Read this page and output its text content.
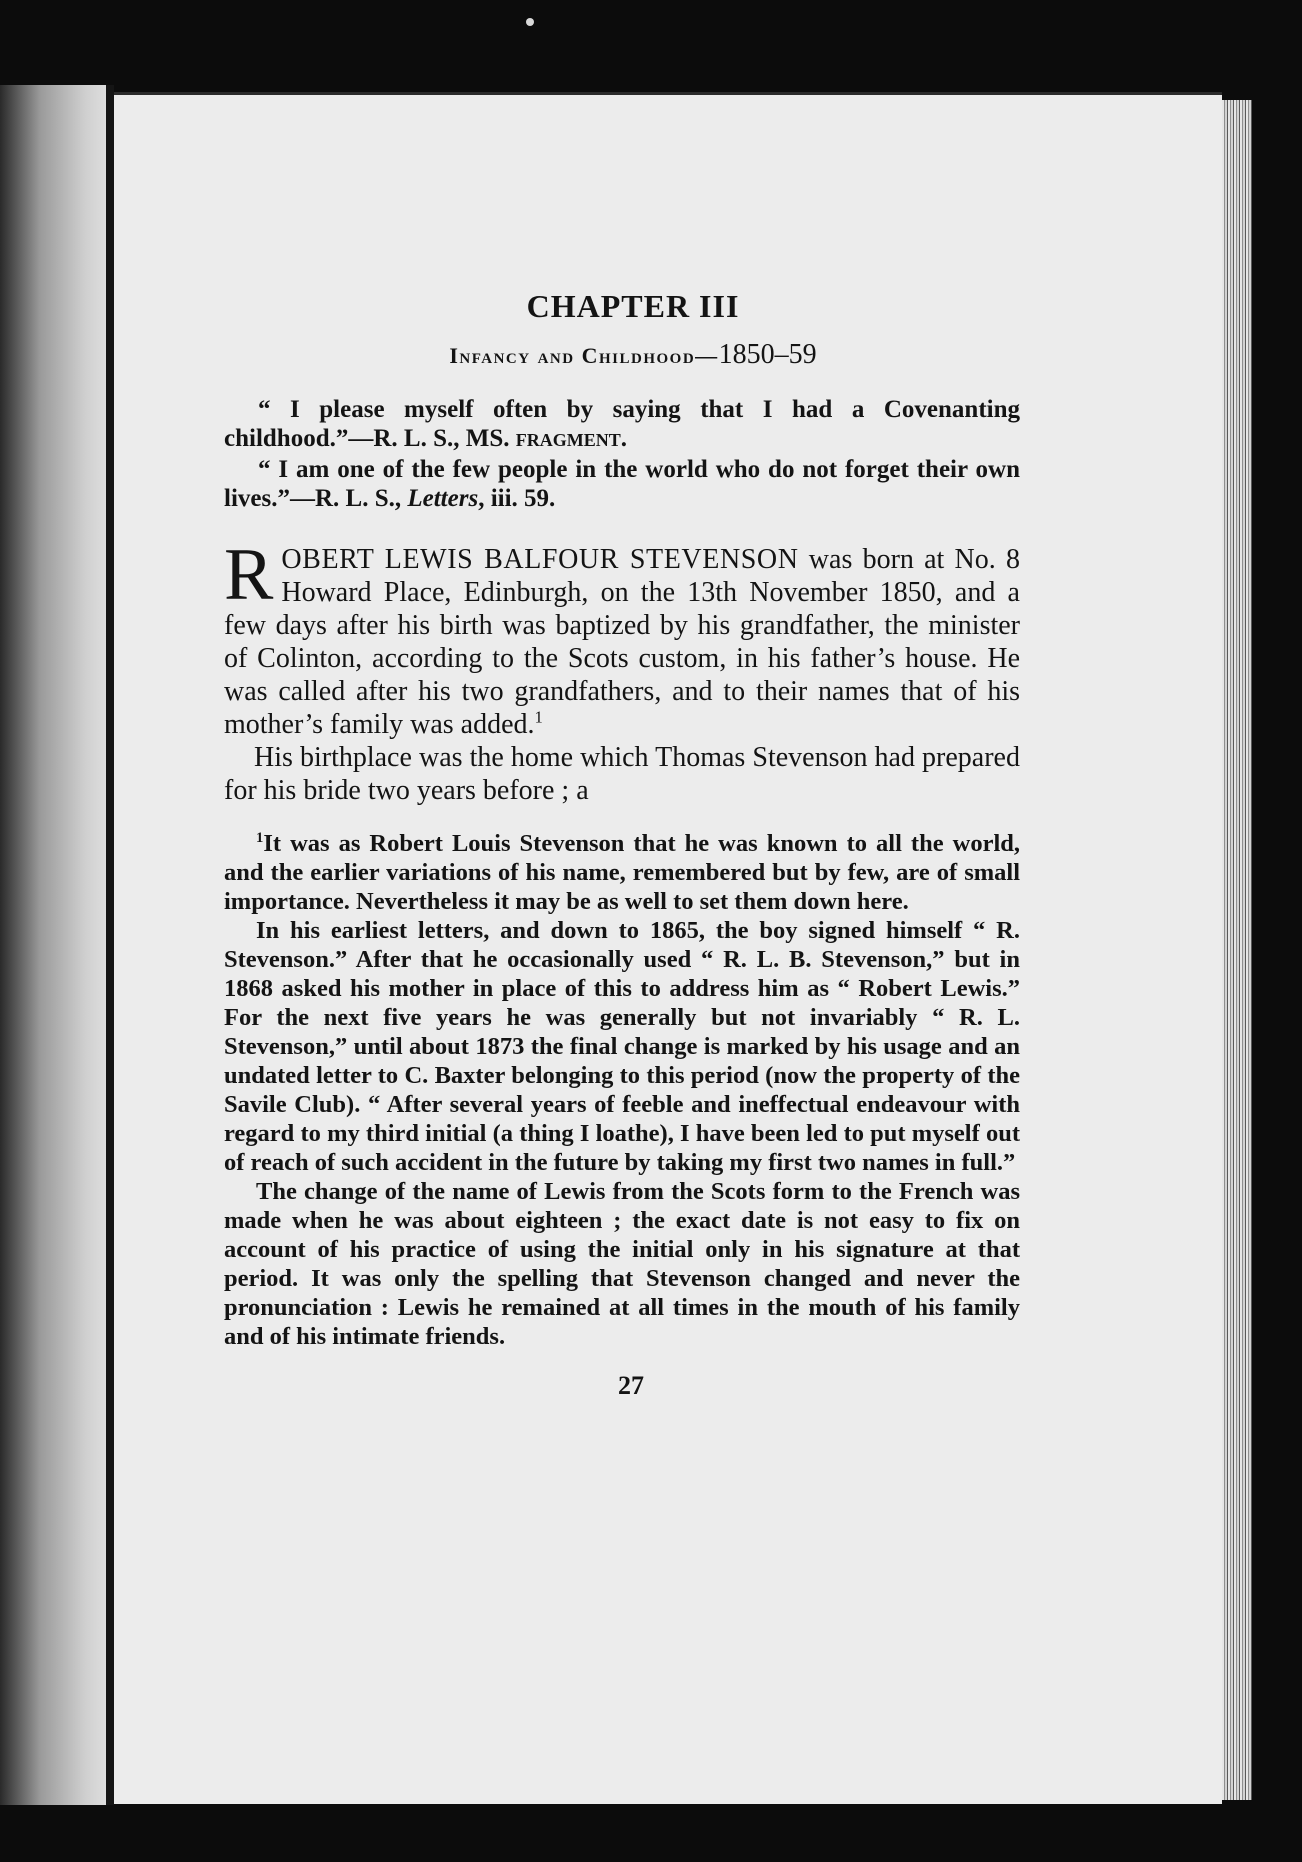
CHAPTER III
Infancy and Childhood—1850–59

“ I please myself often by saying that I had a Covenanting childhood.”—R. L. S., MS. fragment.

“ I am one of the few people in the world who do not forget their own lives.”—R. L. S., Letters, iii. 59.

ROBERT LEWIS BALFOUR STEVENSON was born at No. 8 Howard Place, Edinburgh, on the 13th November 1850, and a few days after his birth was baptized by his grandfather, the minister of Colinton, according to the Scots custom, in his father’s house. He was called after his two grandfathers, and to their names that of his mother’s family was added.$^1$

His birthplace was the home which Thomas Stevenson had prepared for his bride two years before ; a

$^1$It was as Robert Louis Stevenson that he was known to all the world, and the earlier variations of his name, remembered but by few, are of small importance. Nevertheless it may be as well to set them down here.

In his earliest letters, and down to 1865, the boy signed himself “ R. Stevenson.” After that he occasionally used “ R. L. B. Stevenson,” but in 1868 asked his mother in place of this to address him as “ Robert Lewis.” For the next five years he was generally but not invariably “ R. L. Stevenson,” until about 1873 the final change is marked by his usage and an undated letter to C. Baxter belonging to this period (now the property of the Savile Club). “ After several years of feeble and ineffectual endeavour with regard to my third initial (a thing I loathe), I have been led to put myself out of reach of such accident in the future by taking my first two names in full.”

The change of the name of Lewis from the Scots form to the French was made when he was about eighteen ; the exact date is not easy to fix on account of his practice of using the initial only in his signature at that period. It was only the spelling that Stevenson changed and never the pronunciation : Lewis he remained at all times in the mouth of his family and of his intimate friends.

27
